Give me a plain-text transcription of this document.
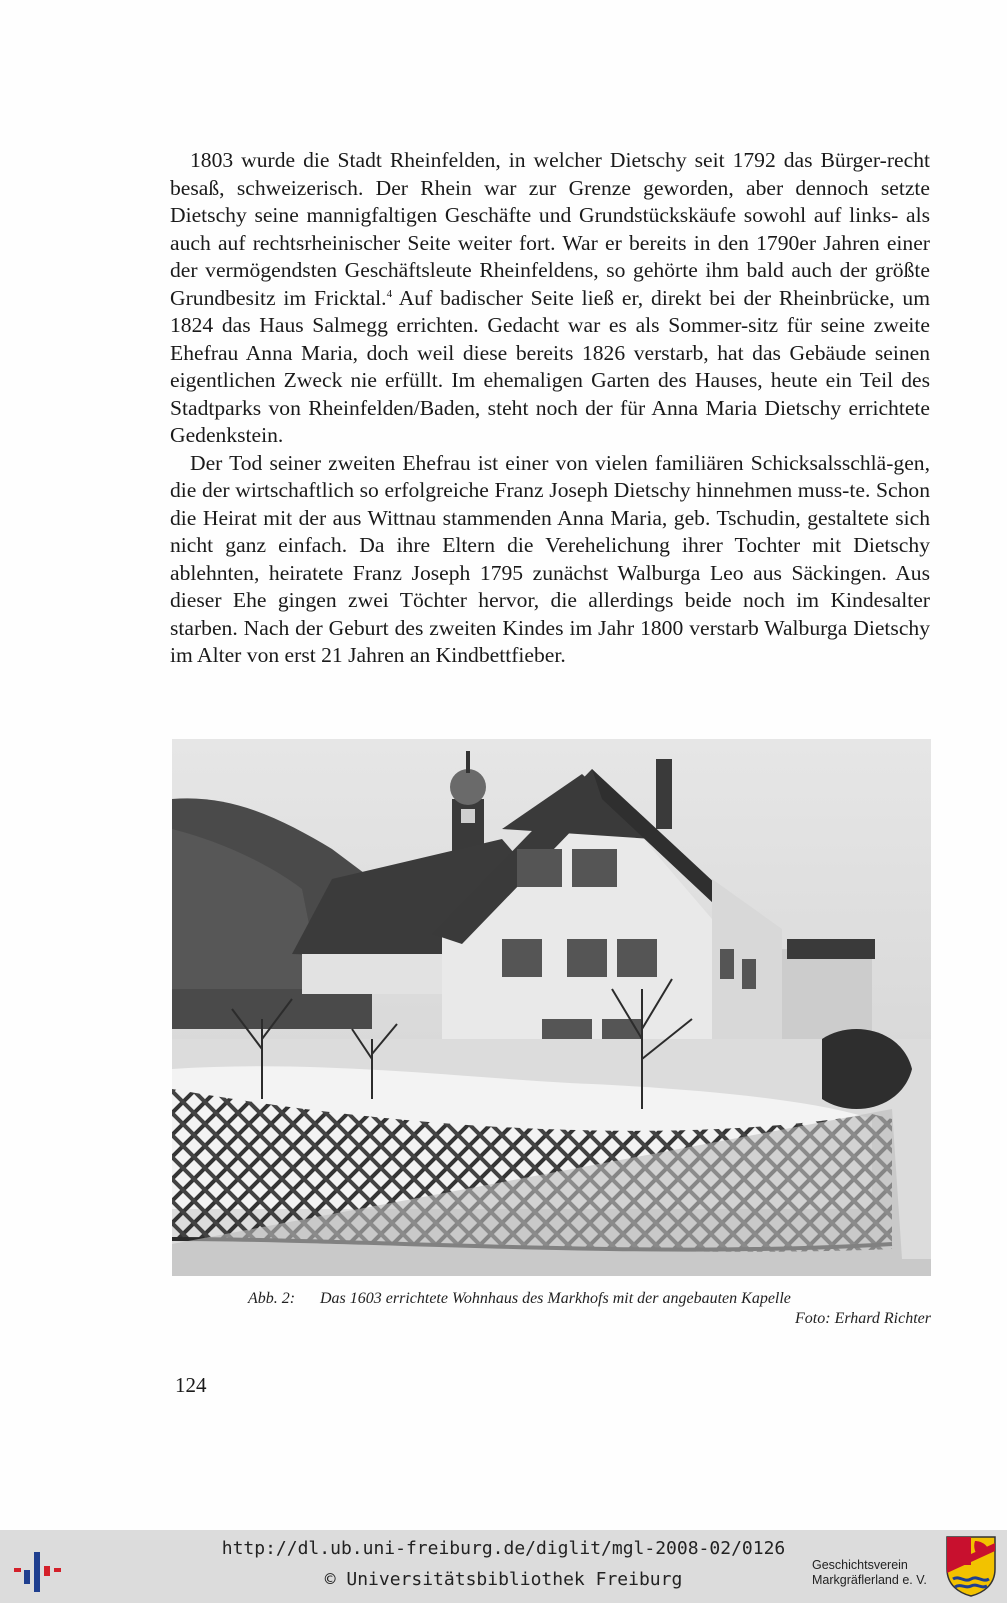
1803 wurde die Stadt Rheinfelden, in welcher Dietschy seit 1792 das Bürger-recht besaß, schweizerisch. Der Rhein war zur Grenze geworden, aber dennoch setzte Dietschy seine mannigfaltigen Geschäfte und Grundstückskäufe sowohl auf links- als auch auf rechtsrheinischer Seite weiter fort. War er bereits in den 1790er Jahren einer der vermögendsten Geschäftsleute Rheinfeldens, so gehörte ihm bald auch der größte Grundbesitz im Fricktal.$^4$ Auf badischer Seite ließ er, direkt bei der Rheinbrücke, um 1824 das Haus Salmegg errichten. Gedacht war es als Sommer-sitz für seine zweite Ehefrau Anna Maria, doch weil diese bereits 1826 verstarb, hat das Gebäude seinen eigentlichen Zweck nie erfüllt. Im ehemaligen Garten des Hauses, heute ein Teil des Stadtparks von Rheinfelden/Baden, steht noch der für Anna Maria Dietschy errichtete Gedenkstein.

Der Tod seiner zweiten Ehefrau ist einer von vielen familiären Schicksalsschlä-gen, die der wirtschaftlich so erfolgreiche Franz Joseph Dietschy hinnehmen muss-te. Schon die Heirat mit der aus Wittnau stammenden Anna Maria, geb. Tschudin, gestaltete sich nicht ganz einfach. Da ihre Eltern die Verehelichung ihrer Tochter mit Dietschy ablehnten, heiratete Franz Joseph 1795 zunächst Walburga Leo aus Säckingen. Aus dieser Ehe gingen zwei Töchter hervor, die allerdings beide noch im Kindesalter starben. Nach der Geburt des zweiten Kindes im Jahr 1800 verstarb Walburga Dietschy im Alter von erst 21 Jahren an Kindbettfieber.

Abb. 2: Das 1603 errichtete Wohnhaus des Markhofs mit der angebauten Kapelle
Foto: Erhard Richter
124
http://dl.ub.uni-freiburg.de/diglit/mgl-2008-02/0126
© Universitätsbibliothek Freiburg
Geschichtsverein
Markgräflerland e. V.
